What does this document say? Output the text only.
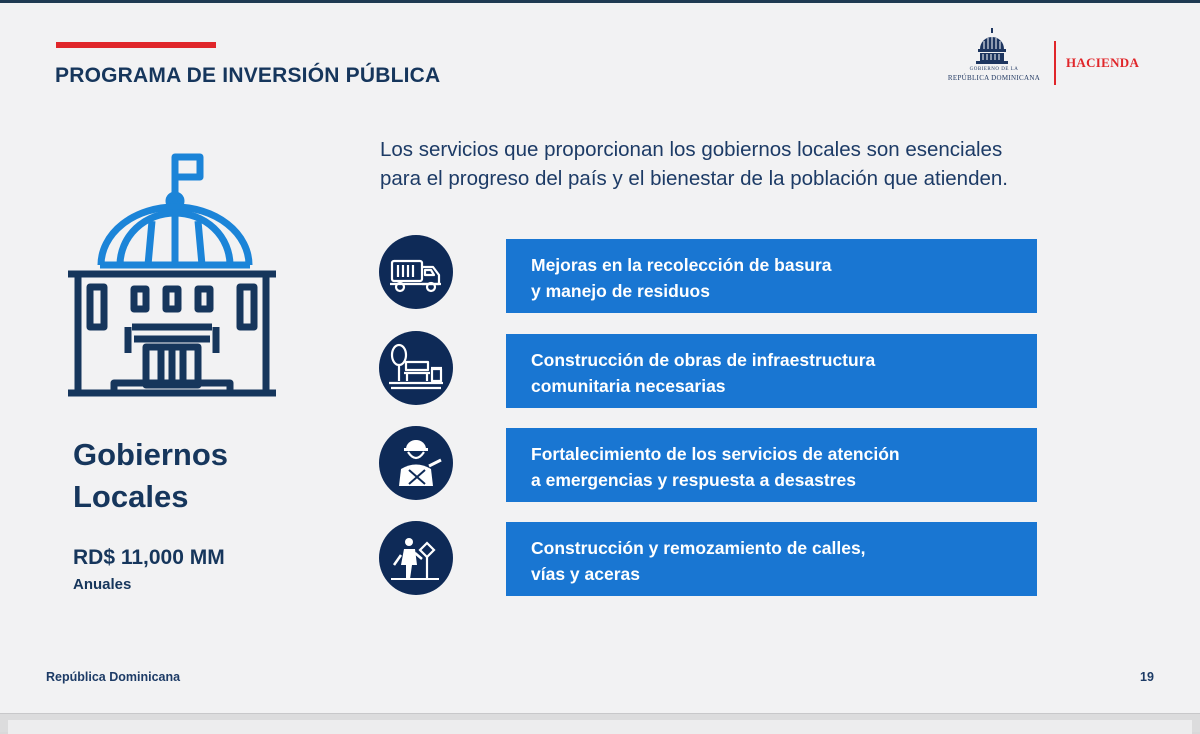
PROGRAMA DE INVERSIÓN PÚBLICA	GOBIERNO DE LA
REPÚBLICA DOMINICANA
HACIENDA
Gobiernos
Locales
RD$ 11,000 MM
Anuales
Los servicios que proporcionan los gobiernos locales son esenciales
para el progreso del país y el bienestar de la población que atienden.
Mejoras en la recolección de basura
y manejo de residuos
Construcción de obras de infraestructura
comunitaria necesarias
Fortalecimiento de los servicios de atención
a emergencias y respuesta a desastres
Construcción y remozamiento de calles,
vías y aceras
República Dominicana	19
